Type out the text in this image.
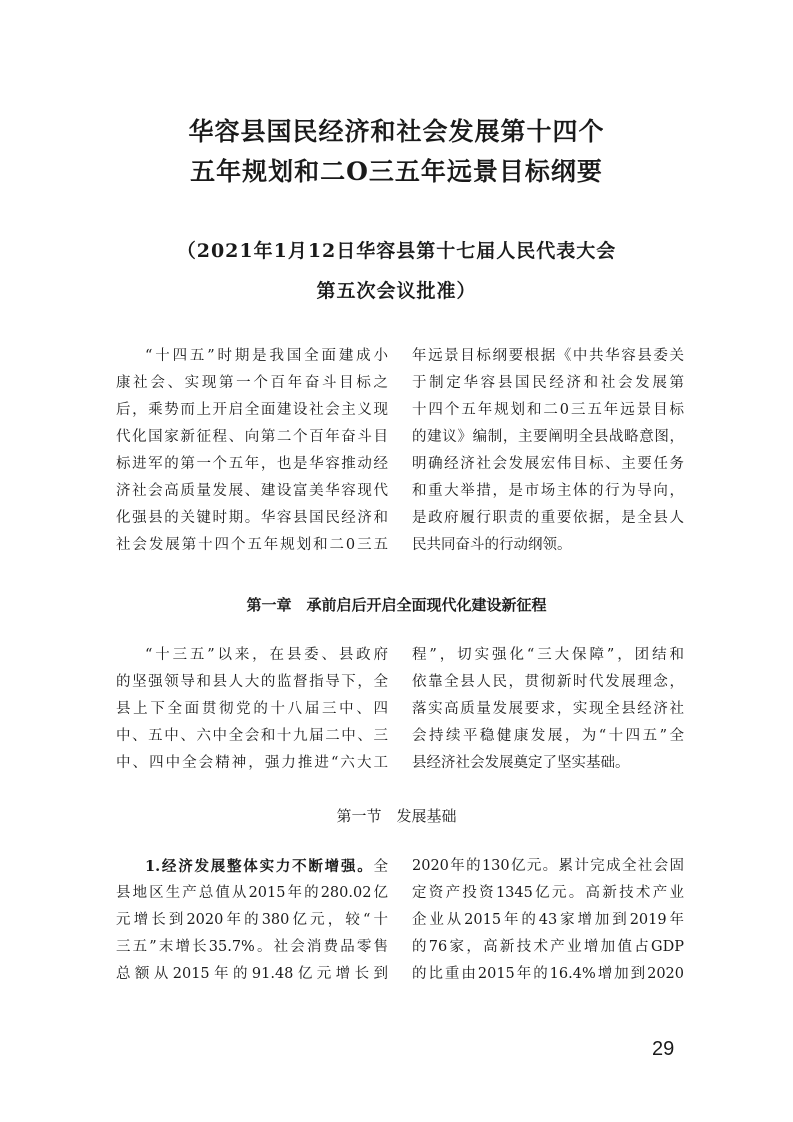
华容县国民经济和社会发展第十四个
五年规划和二O三五年远景目标纲要
（2021年1月12日华容县第十七届人民代表大会
第五次会议批准）
“十四五”时期是我国全面建成小
康社会、实现第一个百年奋斗目标之
后，乘势而上开启全面建设社会主义现
代化国家新征程、向第二个百年奋斗目
标进军的第一个五年，也是华容推动经
济社会高质量发展、建设富美华容现代
化强县的关键时期。华容县国民经济和
社会发展第十四个五年规划和二0三五
年远景目标纲要根据《中共华容县委关
于制定华容县国民经济和社会发展第
十四个五年规划和二0三五年远景目标
的建议》编制，主要阐明全县战略意图，
明确经济社会发展宏伟目标、主要任务
和重大举措，是市场主体的行为导向，
是政府履行职责的重要依据，是全县人
民共同奋斗的行动纲领。
第一章　承前启后开启全面现代化建设新征程
“十三五”以来，在县委、县政府
的坚强领导和县人大的监督指导下，全
县上下全面贯彻党的十八届三中、四
中、五中、六中全会和十九届二中、三
中、四中全会精神，强力推进“六大工
程”，切实强化“三大保障”，团结和
依靠全县人民，贯彻新时代发展理念，
落实高质量发展要求，实现全县经济社
会持续平稳健康发展，为“十四五”全
县经济社会发展奠定了坚实基础。
第一节　发展基础
1.经济发展整体实力不断增强。全
县地区生产总值从2015年的280.02亿
元增长到2020年的380亿元，较“十
三五”末增长35.7%。社会消费品零售
总额从2015年的91.48亿元增长到
2020年的130亿元。累计完成全社会固
定资产投资1345亿元。高新技术产业
企业从2015年的43家增加到2019年
的76家，高新技术产业增加值占GDP
的比重由2015年的16.4%增加到2020
29
